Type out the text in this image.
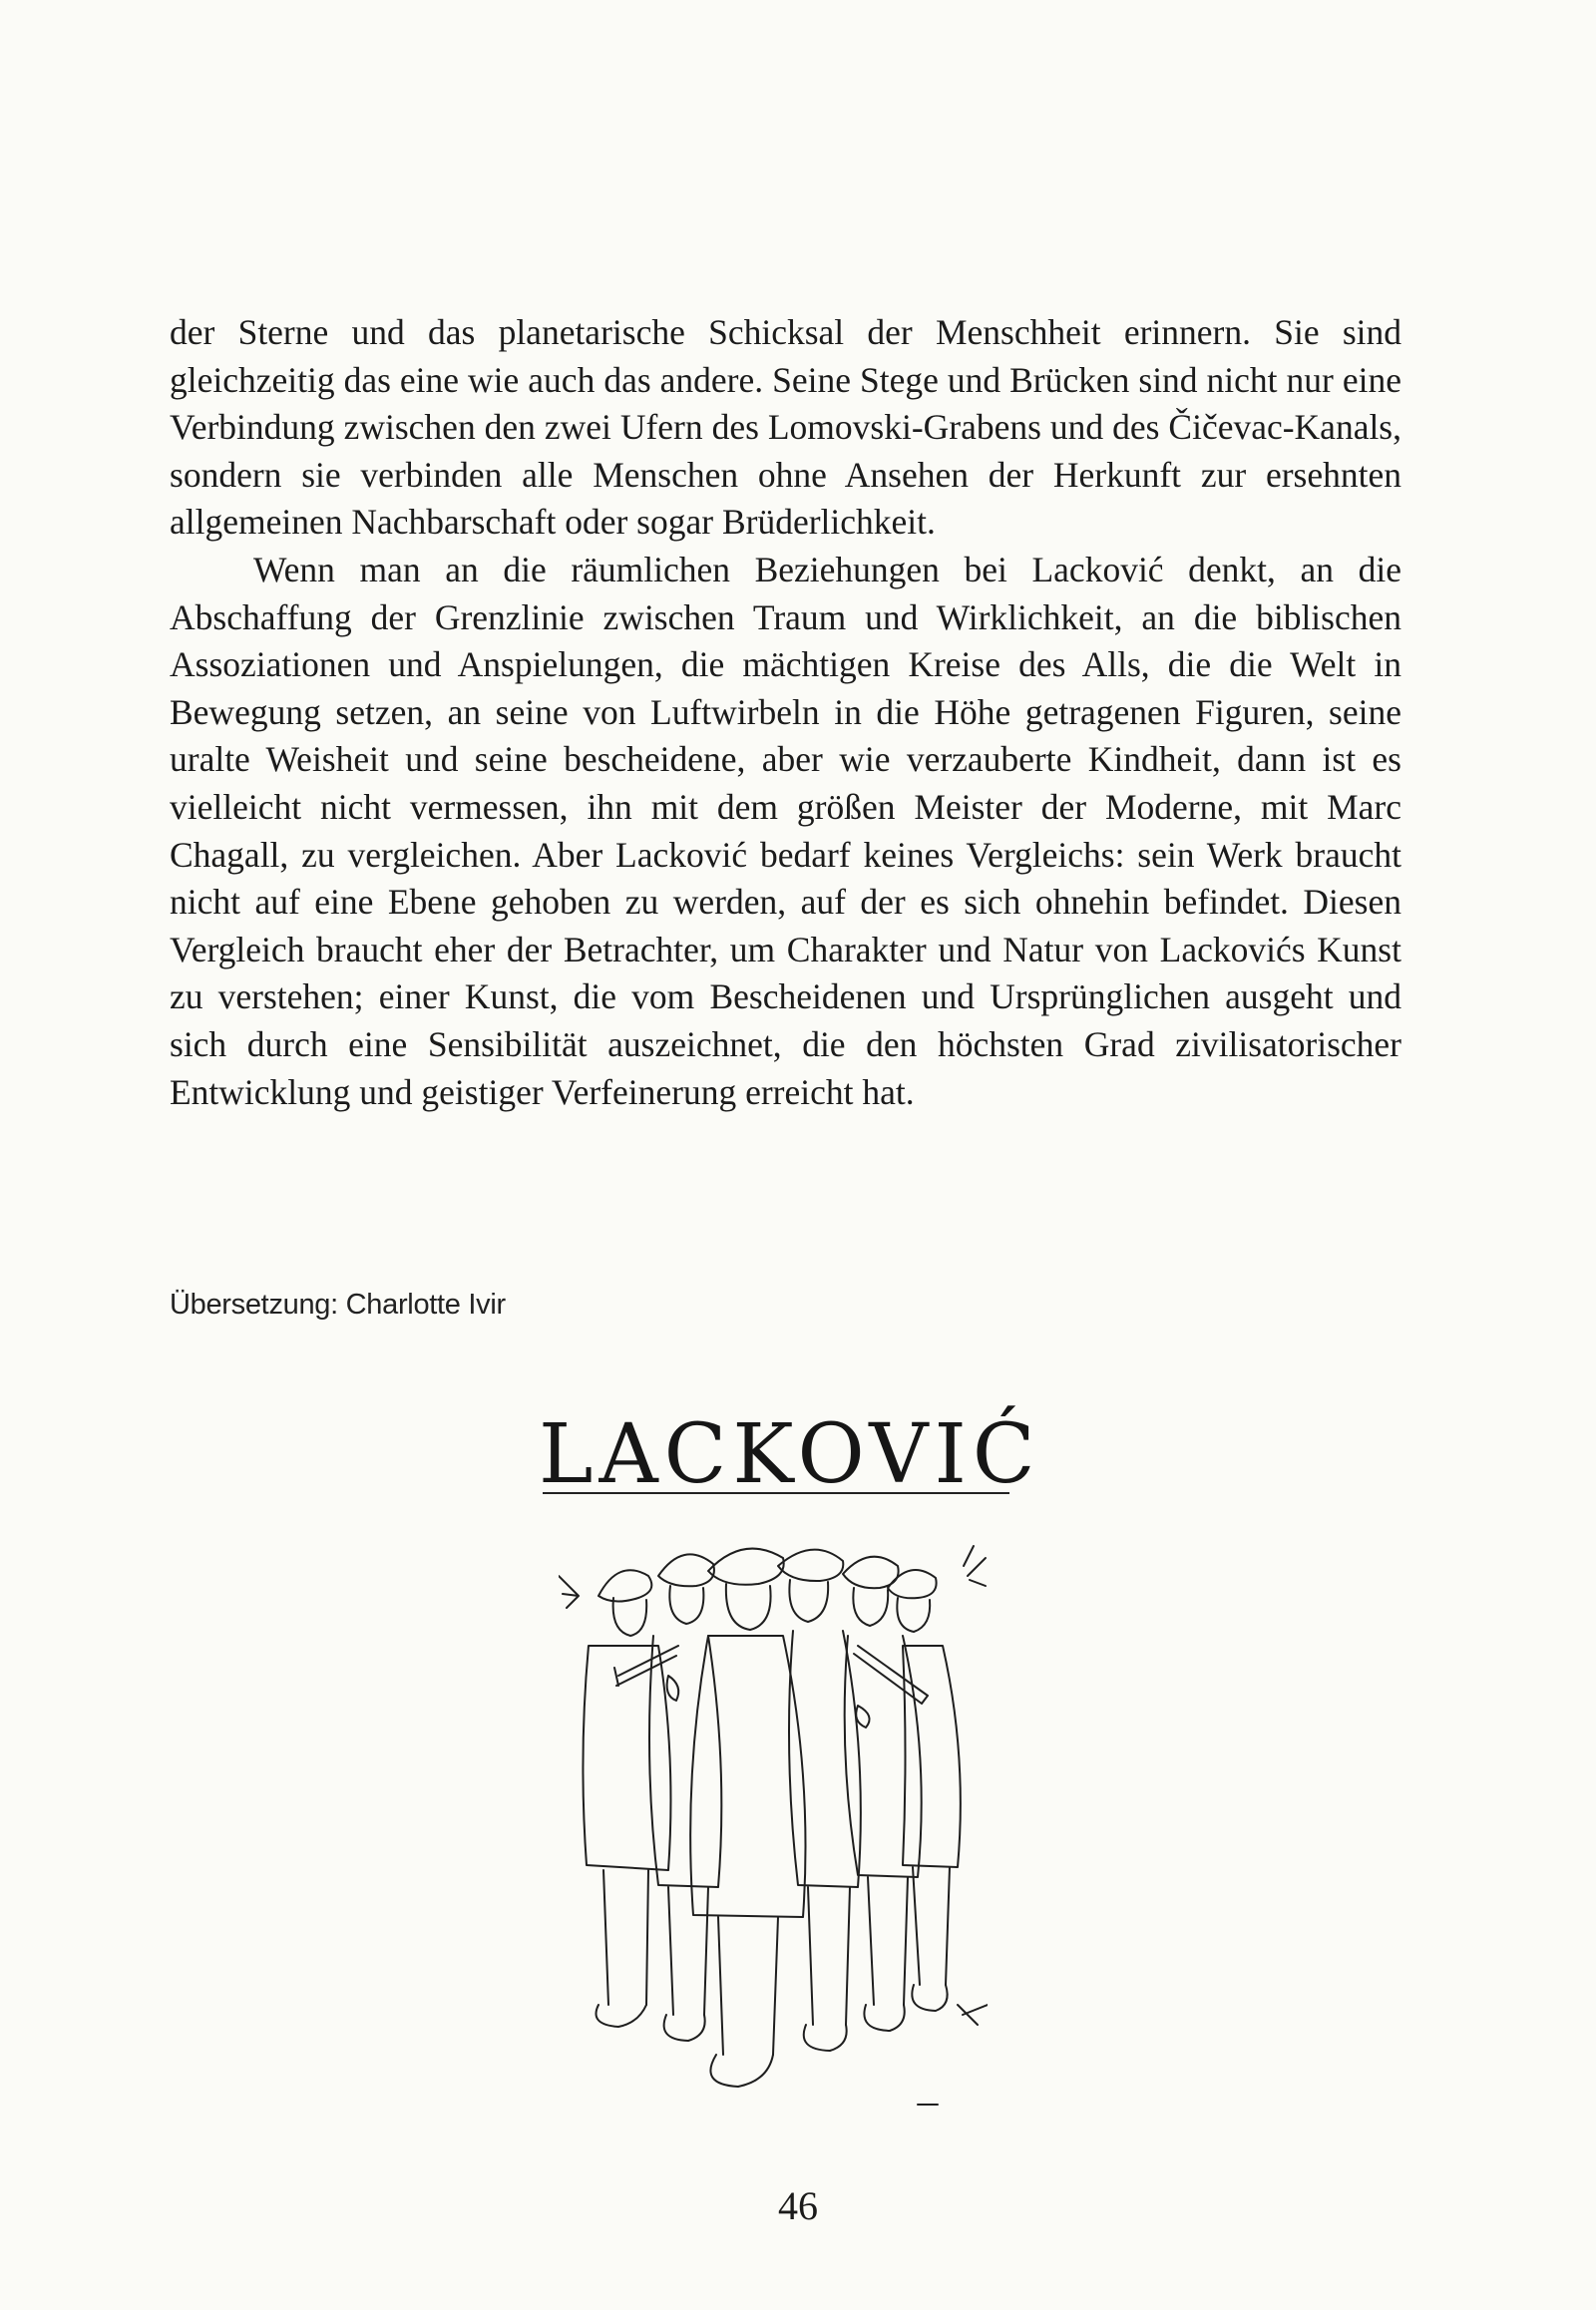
der Sterne und das planetarische Schicksal der Menschheit erinnern. Sie sind gleichzeitig das eine wie auch das andere. Seine Stege und Brücken sind nicht nur eine Verbindung zwischen den zwei Ufern des Lomovski-Grabens und des Čičevac-Kanals, sondern sie verbinden alle Menschen ohne Ansehen der Herkunft zur ersehnten allgemeinen Nachbarschaft oder sogar Brüderlichkeit.

Wenn man an die räumlichen Beziehungen bei Lacković denkt, an die Abschaffung der Grenzlinie zwischen Traum und Wirklichkeit, an die biblischen Assoziationen und Anspielungen, die mächtigen Kreise des Alls, die die Welt in Bewegung setzen, an seine von Luftwirbeln in die Höhe getragenen Figuren, seine uralte Weisheit und seine bescheidene, aber wie verzauberte Kindheit, dann ist es vielleicht nicht vermessen, ihn mit dem größen Meister der Moderne, mit Marc Chagall, zu vergleichen. Aber Lacković bedarf keines Vergleichs: sein Werk braucht nicht auf eine Ebene gehoben zu werden, auf der es sich ohnehin befindet. Diesen Vergleich braucht eher der Betrachter, um Charakter und Natur von Lackovićs Kunst zu verstehen; einer Kunst, die vom Bescheidenen und Ursprünglichen ausgeht und sich durch eine Sensibilität auszeichnet, die den höchsten Grad zivilisatorischer Entwicklung und geistiger Verfeinerung erreicht hat.

Übersetzung: Charlotte Ivir
LACKOVIĆ
46
